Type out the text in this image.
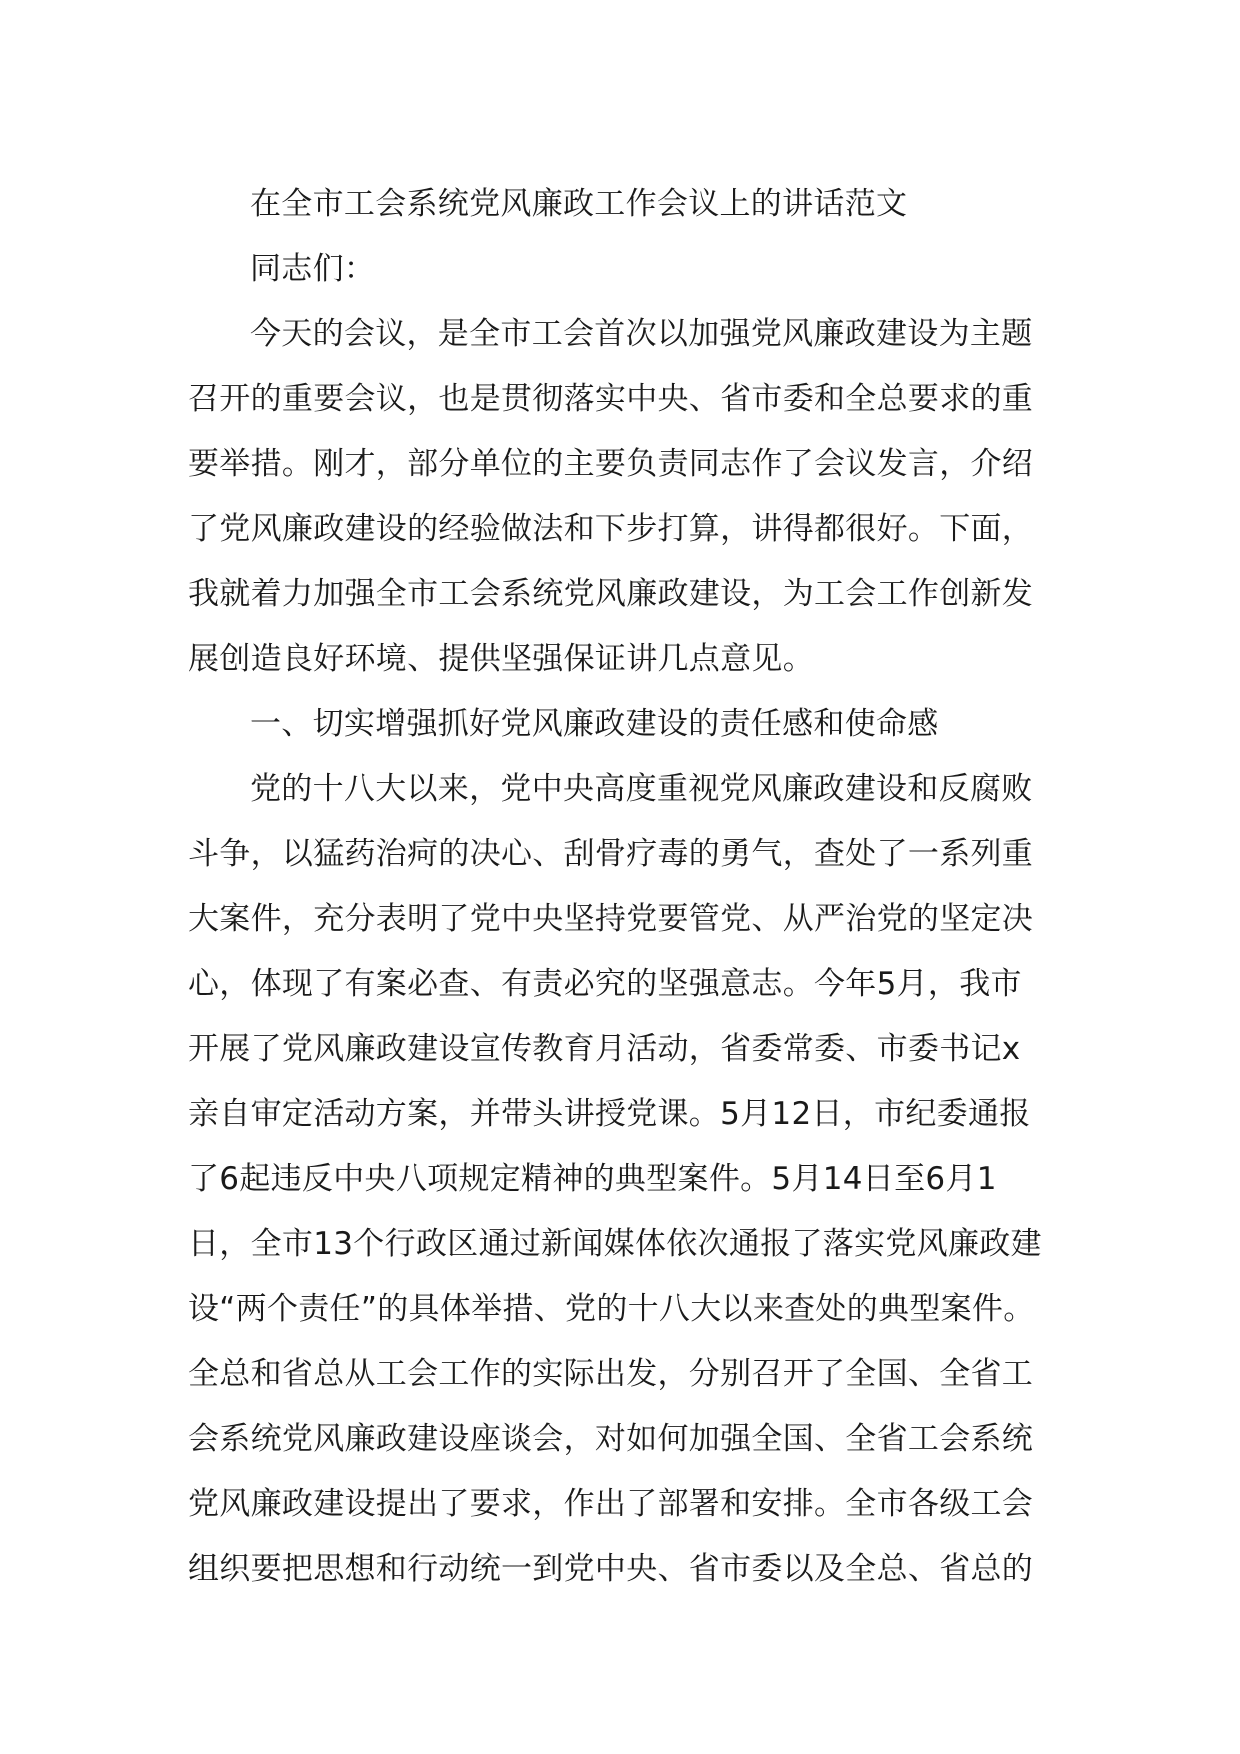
在全市工会系统党风廉政工作会议上的讲话范文
同志们：
今天的会议，是全市工会首次以加强党风廉政建设为主题
召开的重要会议，也是贯彻落实中央、省市委和全总要求的重
要举措。刚才，部分单位的主要负责同志作了会议发言，介绍
了党风廉政建设的经验做法和下步打算，讲得都很好。下面，
我就着力加强全市工会系统党风廉政建设，为工会工作创新发
展创造良好环境、提供坚强保证讲几点意见。
一、切实增强抓好党风廉政建设的责任感和使命感
党的十八大以来，党中央高度重视党风廉政建设和反腐败
斗争，以猛药治疴的决心、刮骨疗毒的勇气，查处了一系列重
大案件，充分表明了党中央坚持党要管党、从严治党的坚定决
心，体现了有案必查、有责必究的坚强意志。今年5月，我市
开展了党风廉政建设宣传教育月活动，省委常委、市委书记x
亲自审定活动方案，并带头讲授党课。5月12日，市纪委通报
了6起违反中央八项规定精神的典型案件。5月14日至6月1
日，全市13个行政区通过新闻媒体依次通报了落实党风廉政建
设“两个责任”的具体举措、党的十八大以来查处的典型案件。
全总和省总从工会工作的实际出发，分别召开了全国、全省工
会系统党风廉政建设座谈会，对如何加强全国、全省工会系统
党风廉政建设提出了要求，作出了部署和安排。全市各级工会
组织要把思想和行动统一到党中央、省市委以及全总、省总的
